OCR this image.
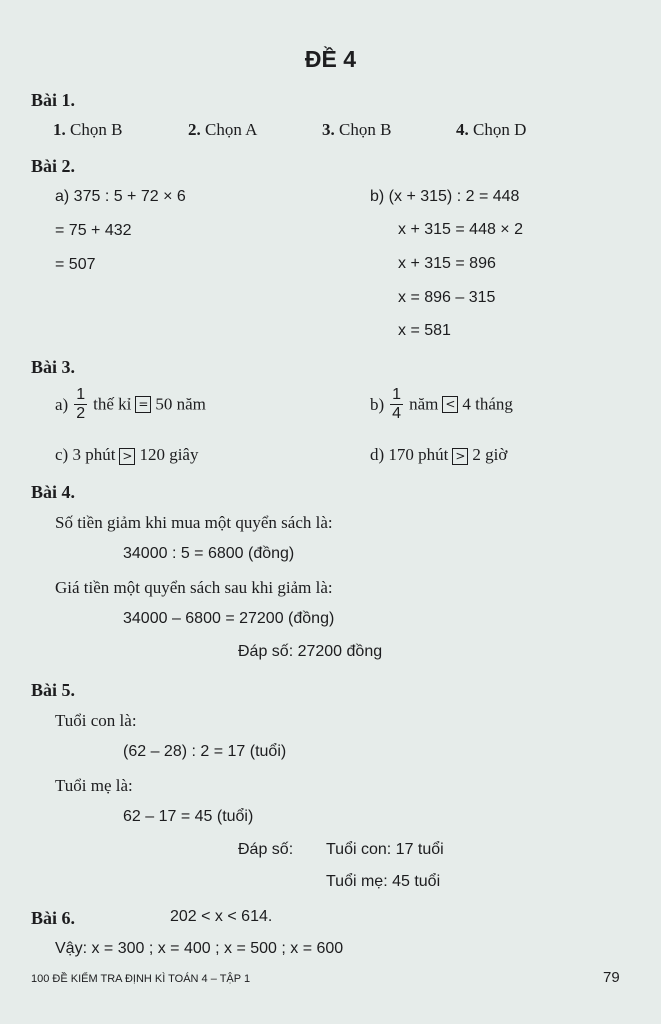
ĐỀ 4
Bài 1.
1. Chọn B	2. Chọn A	3. Chọn B	4. Chọn D
Bài 2.
a) 375 : 5 + 72 × 6
= 75 + 432
= 507
b) (x + 315) : 2 = 448
x + 315 = 448 × 2
x + 315 = 896
x = 896 – 315
x = 581
Bài 3.
$a) \frac{1}{2}$ thế kỉ = 50 năm	$b) \frac{1}{4}$ năm < 4 tháng
c) 3 phút > 120 giây	d) 170 phút > 2 giờ
Bài 4.
Số tiền giảm khi mua một quyển sách là:
34000 : 5 = 6800 (đồng)
Giá tiền một quyển sách sau khi giảm là:
34000 – 6800 = 27200 (đồng)
Đáp số: 27200 đồng
Bài 5.
Tuổi con là:
(62 – 28) : 2 = 17 (tuổi)
Tuổi mẹ là:
62 – 17 = 45 (tuổi)
Đáp số: Tuổi con: 17 tuổi
Tuổi mẹ: 45 tuổi
Bài 6.	202 < x < 614.
Vậy: x = 300 ; x = 400 ; x = 500 ; x = 600
100 ĐỀ KIỂM TRA ĐỊNH KÌ TOÁN 4 – TẬP 1	79
